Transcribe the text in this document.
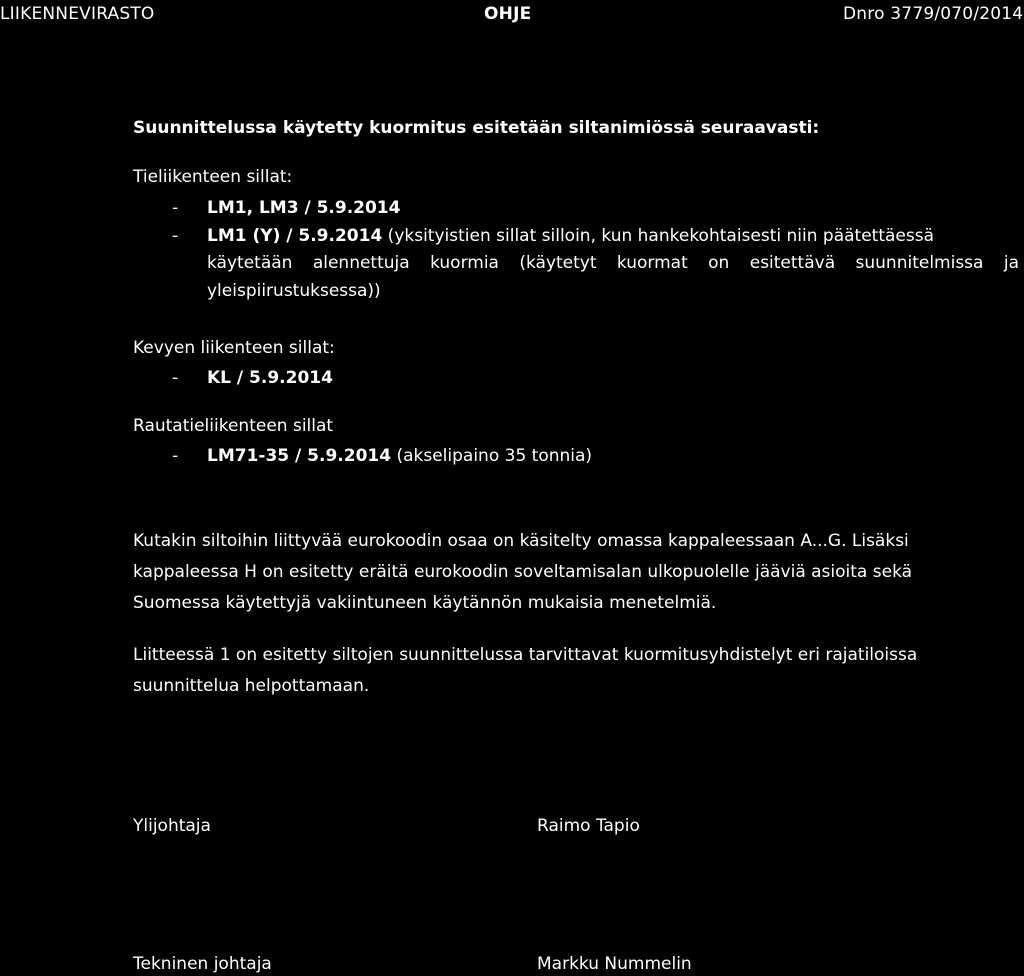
LIIKENNEVIRASTO	OHJE	Dnro 3779/070/2014
Suunnittelussa käytetty kuormitus esitetään siltanimiössä seuraavasti:
Tieliikenteen sillat:
- LM1, LM3 / 5.9.2014
- LM1 (Y) / 5.9.2014 (yksityistien sillat silloin, kun hankekohtaisesti niin päätettäessä
käytetään alennettuja kuormia (käytetyt kuormat on esitettävä suunnitelmissa ja
yleispiirustuksessa))
Kevyen liikenteen sillat:
- KL / 5.9.2014
Rautatieliikenteen sillat
- LM71-35 / 5.9.2014 (akselipaino 35 tonnia)
Kutakin siltoihin liittyvää eurokoodin osaa on käsitelty omassa kappaleessaan A...G. Lisäksi
kappaleessa H on esitetty eräitä eurokoodin soveltamisalan ulkopuolelle jääviä asioita sekä
Suomessa käytettyjä vakiintuneen käytännön mukaisia menetelmiä.
Liitteessä 1 on esitetty siltojen suunnittelussa tarvittavat kuormitusyhdistelyt eri rajatiloissa
suunnittelua helpottamaan.
Ylijohtaja	Raimo Tapio
Tekninen johtaja	Markku Nummelin
